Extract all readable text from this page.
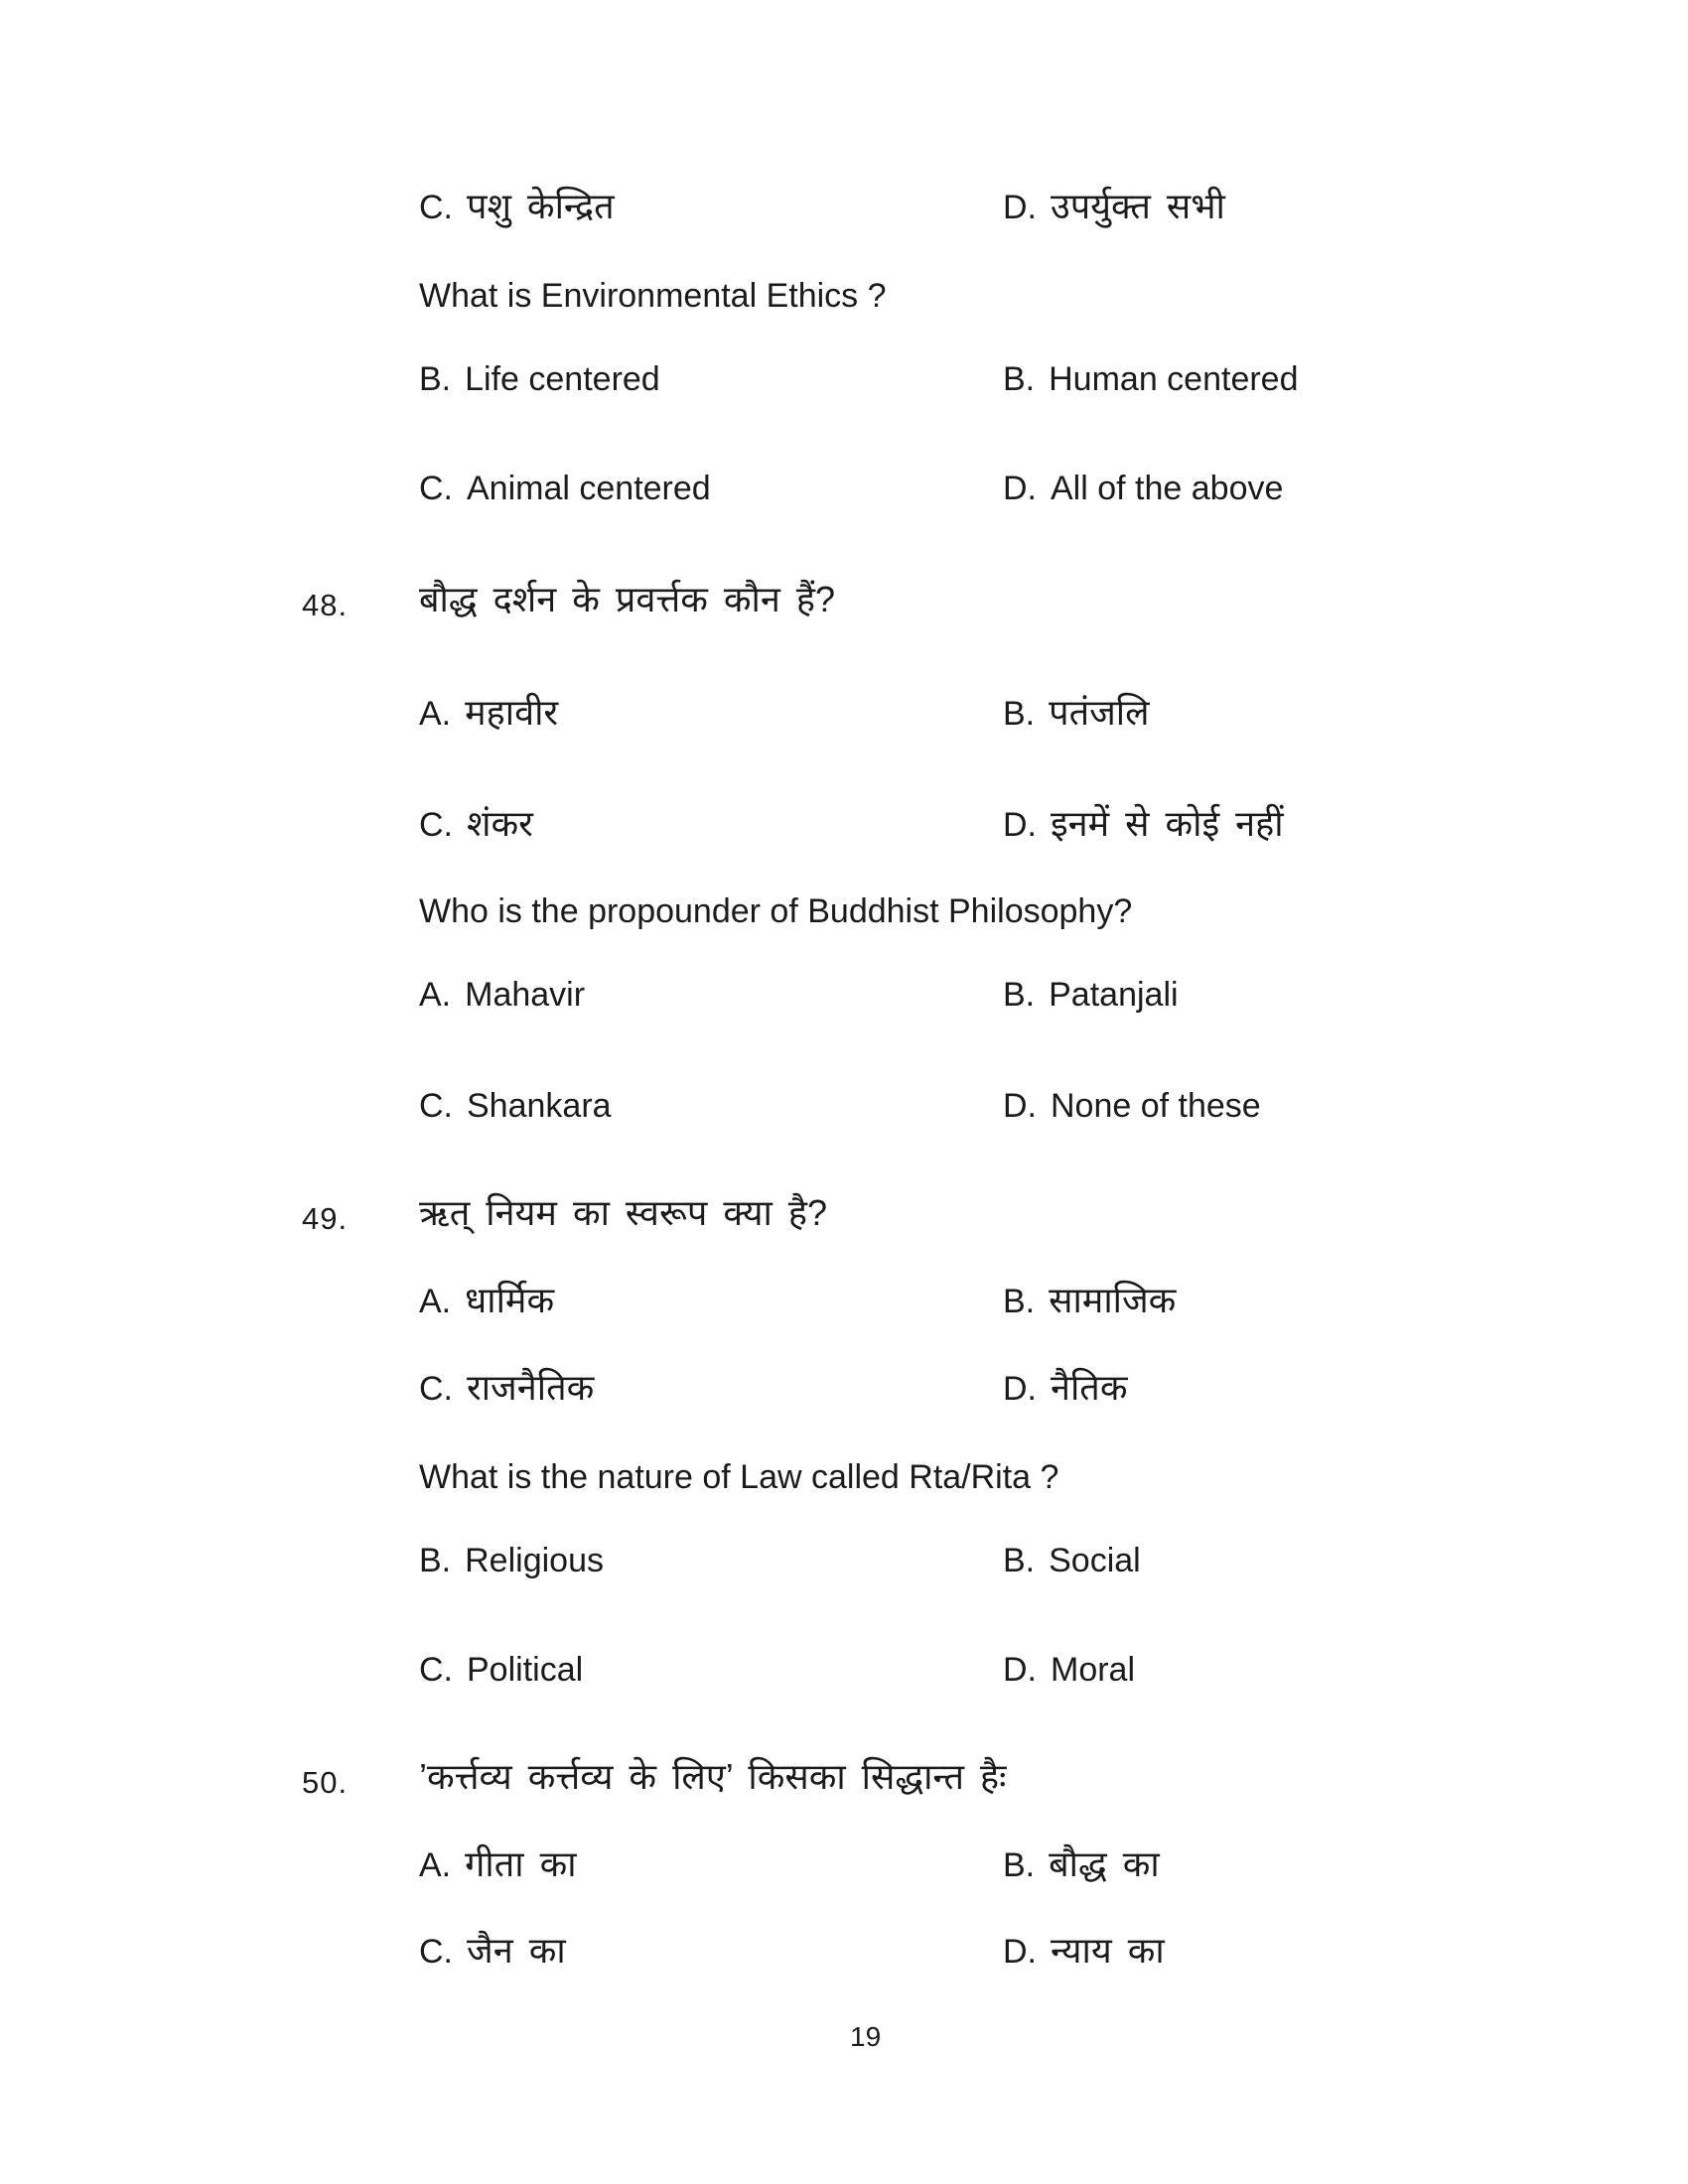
C. पशु केन्द्रित	D. उपर्युक्त सभी
What is Environmental Ethics ?
B. Life centered	B. Human centered
C. Animal centered	D. All of the above
48. बौद्ध दर्शन के प्रवर्त्तक कौन हैं?
A. महावीर	B. पतंजलि
C. शंकर	D. इनमें से कोई नहीं
Who is the propounder of Buddhist Philosophy?
A. Mahavir	B. Patanjali
C. Shankara	D. None of these
49. ऋत् नियम का स्वरूप क्या है?
A. धार्मिक	B. सामाजिक
C. राजनैतिक	D. नैतिक
What is the nature of Law called Rta/Rita ?
B. Religious	B. Social
C. Political	D. Moral
50. ’कर्त्तव्य कर्त्तव्य के लिए’ किसका सिद्धान्त हैः
A. गीता का	B. बौद्ध का
C. जैन का	D. न्याय का
19
